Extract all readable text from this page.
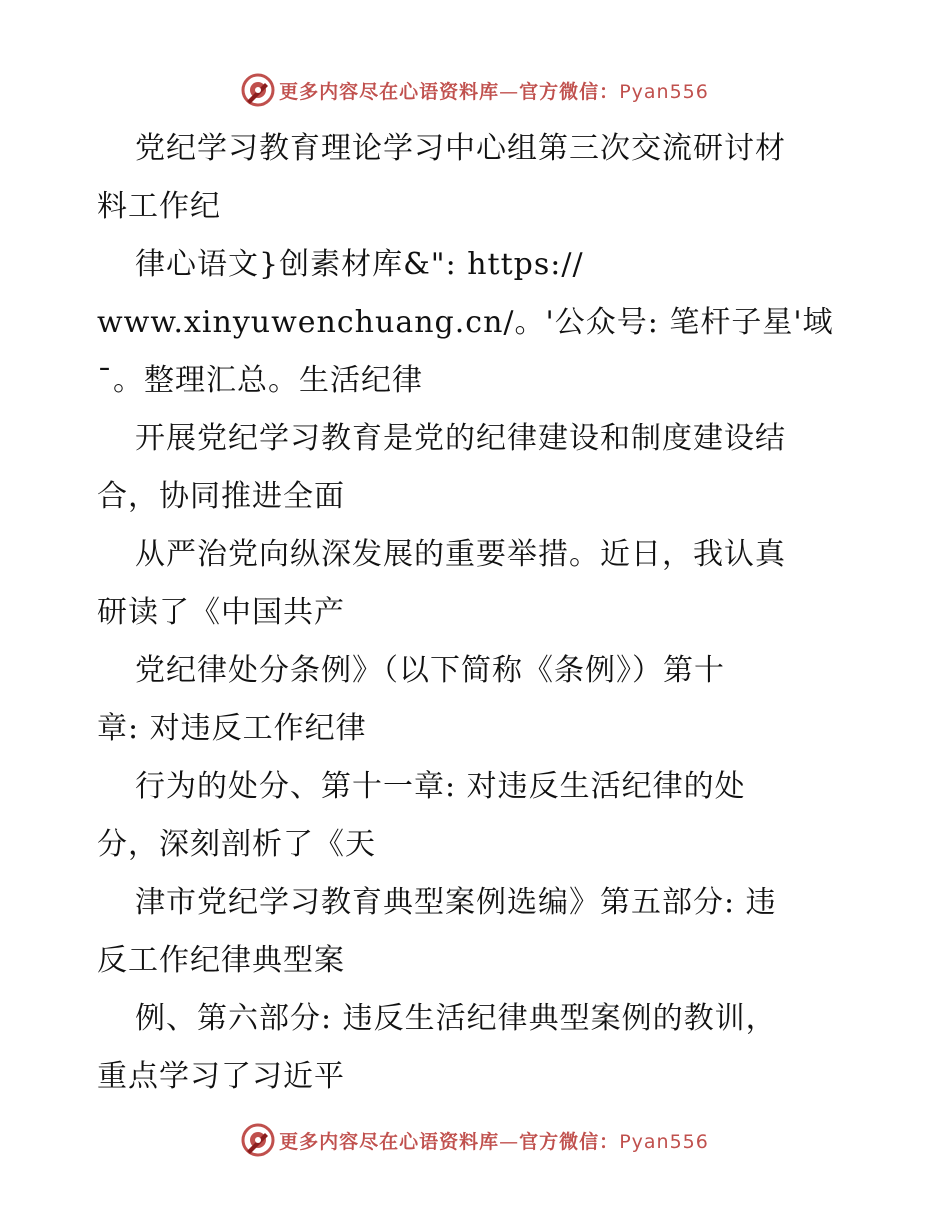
更多内容尽在心语资料库—官方微信：Pyan556
党纪学习教育理论学习中心组第三次交流研讨材
料工作纪
律心语文}创素材库&": https://
www.xinyuwenchuang.cn/。'公众号: 笔杆子星'域
¯。整理汇总。生活纪律
开展党纪学习教育是党的纪律建设和制度建设结
合，协同推进全面
从严治党向纵深发展的重要举措。近日，我认真
研读了《中国共产
党纪律处分条例》（以下简称《条例》）第十
章: 对违反工作纪律
行为的处分、第十一章: 对违反生活纪律的处
分，深刻剖析了《天
津市党纪学习教育典型案例选编》第五部分: 违
反工作纪律典型案
例、第六部分: 违反生活纪律典型案例的教训，
重点学习了习近平
更多内容尽在心语资料库—官方微信：Pyan556
